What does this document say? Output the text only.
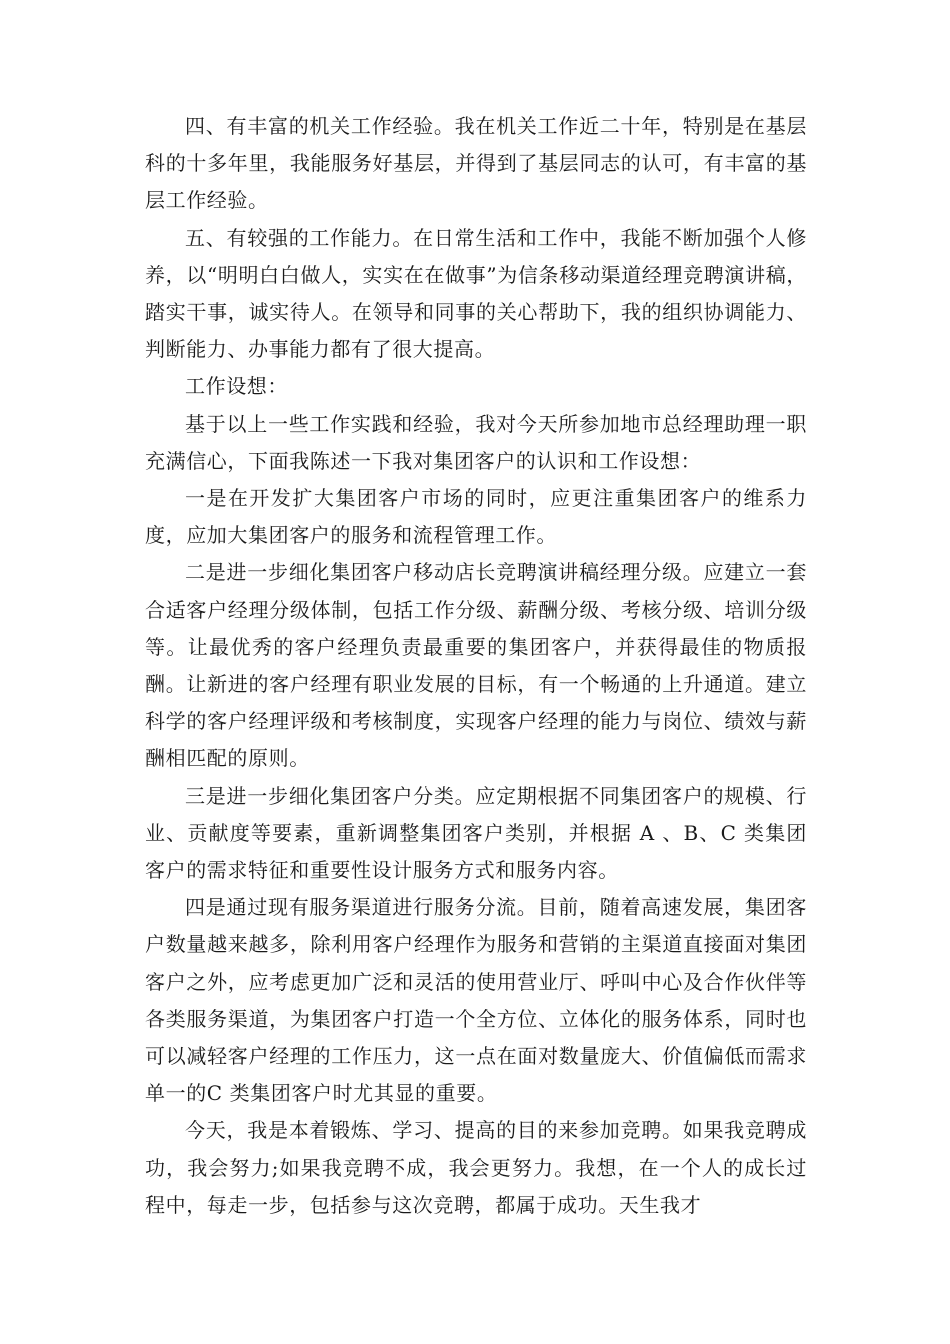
四、有丰富的机关工作经验。我在机关工作近二十年，特别是在基层科的十多年里，我能服务好基层，并得到了基层同志的认可，有丰富的基层工作经验。

五、有较强的工作能力。在日常生活和工作中，我能不断加强个人修养，以“明明白白做人，实实在在做事”为信条移动渠道经理竞聘演讲稿，踏实干事，诚实待人。在领导和同事的关心帮助下，我的组织协调能力、判断能力、办事能力都有了很大提高。

工作设想：

基于以上一些工作实践和经验，我对今天所参加地市总经理助理一职充满信心，下面我陈述一下我对集团客户的认识和工作设想：

一是在开发扩大集团客户市场的同时，应更注重集团客户的维系力度，应加大集团客户的服务和流程管理工作。

二是进一步细化集团客户移动店长竞聘演讲稿经理分级。应建立一套合适客户经理分级体制，包括工作分级、薪酬分级、考核分级、培训分级等。让最优秀的客户经理负责最重要的集团客户，并获得最佳的物质报酬。让新进的客户经理有职业发展的目标，有一个畅通的上升通道。建立科学的客户经理评级和考核制度，实现客户经理的能力与岗位、绩效与薪酬相匹配的原则。

三是进一步细化集团客户分类。应定期根据不同集团客户的规模、行业、贡献度等要素，重新调整集团客户类别，并根据 A 、B、C 类集团客户的需求特征和重要性设计服务方式和服务内容。

四是通过现有服务渠道进行服务分流。目前，随着高速发展，集团客户数量越来越多，除利用客户经理作为服务和营销的主渠道直接面对集团客户之外，应考虑更加广泛和灵活的使用营业厅、呼叫中心及合作伙伴等各类服务渠道，为集团客户打造一个全方位、立体化的服务体系，同时也可以减轻客户经理的工作压力，这一点在面对数量庞大、价值偏低而需求单一的C 类集团客户时尤其显的重要。

今天，我是本着锻炼、学习、提高的目的来参加竞聘。如果我竞聘成功，我会努力;如果我竞聘不成，我会更努力。我想，在一个人的成长过程中，每走一步，包括参与这次竞聘，都属于成功。天生我才
